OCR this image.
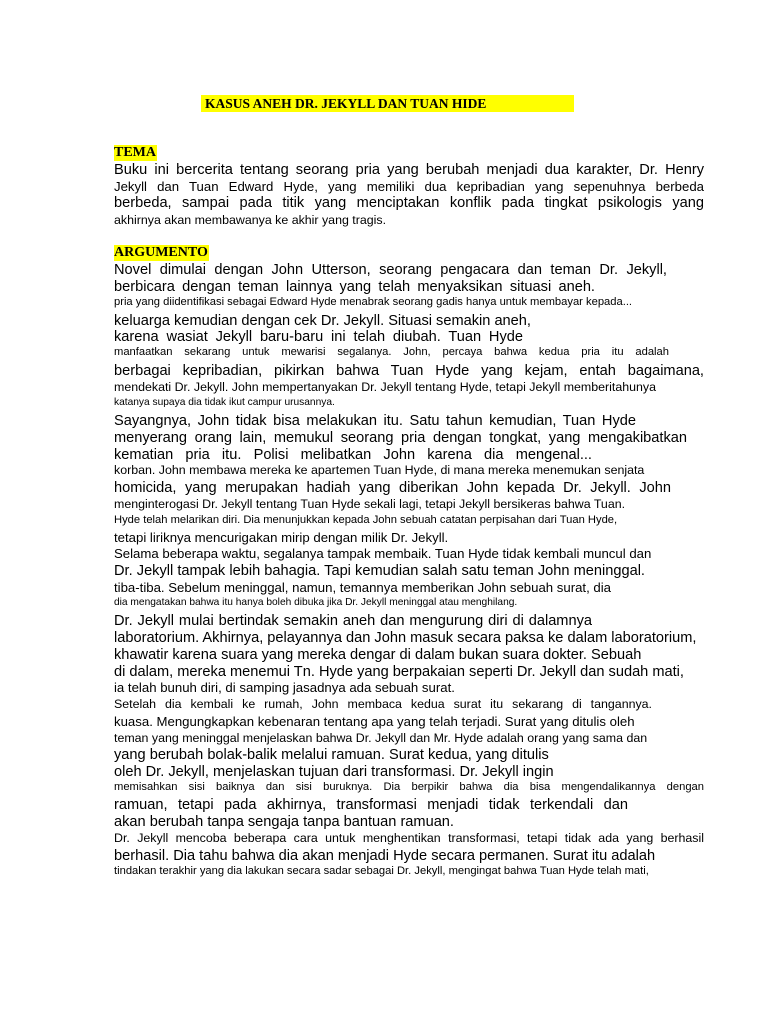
KASUS ANEH DR. JEKYLL DAN TUAN HIDE
TEMA
Buku ini bercerita tentang seorang pria yang berubah menjadi dua karakter, Dr. Henry
Jekyll dan Tuan Edward Hyde, yang memiliki dua kepribadian yang sepenuhnya berbeda
berbeda, sampai pada titik yang menciptakan konflik pada tingkat psikologis yang
akhirnya akan membawanya ke akhir yang tragis.
ARGUMENTO
Novel dimulai dengan John Utterson, seorang pengacara dan teman Dr. Jekyll,
berbicara dengan teman lainnya yang telah menyaksikan situasi aneh.
pria yang diidentifikasi sebagai Edward Hyde menabrak seorang gadis hanya untuk membayar kepada...
keluarga kemudian dengan cek Dr. Jekyll. Situasi semakin aneh,
karena wasiat Jekyll baru-baru ini telah diubah. Tuan Hyde
manfaatkan sekarang untuk mewarisi segalanya. John, percaya bahwa kedua pria itu adalah
berbagai kepribadian, pikirkan bahwa Tuan Hyde yang kejam, entah bagaimana,
mendekati Dr. Jekyll. John mempertanyakan Dr. Jekyll tentang Hyde, tetapi Jekyll memberitahunya
katanya supaya dia tidak ikut campur urusannya.
Sayangnya, John tidak bisa melakukan itu. Satu tahun kemudian, Tuan Hyde
menyerang orang lain, memukul seorang pria dengan tongkat, yang mengakibatkan
kematian pria itu. Polisi melibatkan John karena dia mengenal...
korban. John membawa mereka ke apartemen Tuan Hyde, di mana mereka menemukan senjata
homicida, yang merupakan hadiah yang diberikan John kepada Dr. Jekyll. John
menginterogasi Dr. Jekyll tentang Tuan Hyde sekali lagi, tetapi Jekyll bersikeras bahwa Tuan.
Hyde telah melarikan diri. Dia menunjukkan kepada John sebuah catatan perpisahan dari Tuan Hyde,
tetapi liriknya mencurigakan mirip dengan milik Dr. Jekyll.
Selama beberapa waktu, segalanya tampak membaik. Tuan Hyde tidak kembali muncul dan
Dr. Jekyll tampak lebih bahagia. Tapi kemudian salah satu teman John meninggal.
tiba-tiba. Sebelum meninggal, namun, temannya memberikan John sebuah surat, dia
dia mengatakan bahwa itu hanya boleh dibuka jika Dr. Jekyll meninggal atau menghilang.
Dr. Jekyll mulai bertindak semakin aneh dan mengurung diri di dalamnya
laboratorium. Akhirnya, pelayannya dan John masuk secara paksa ke dalam laboratorium,
khawatir karena suara yang mereka dengar di dalam bukan suara dokter. Sebuah
di dalam, mereka menemui Tn. Hyde yang berpakaian seperti Dr. Jekyll dan sudah mati,
ia telah bunuh diri, di samping jasadnya ada sebuah surat.
Setelah dia kembali ke rumah, John membaca kedua surat itu sekarang di tangannya.
kuasa. Mengungkapkan kebenaran tentang apa yang telah terjadi. Surat yang ditulis oleh
teman yang meninggal menjelaskan bahwa Dr. Jekyll dan Mr. Hyde adalah orang yang sama dan
yang berubah bolak-balik melalui ramuan. Surat kedua, yang ditulis
oleh Dr. Jekyll, menjelaskan tujuan dari transformasi. Dr. Jekyll ingin
memisahkan sisi baiknya dan sisi buruknya. Dia berpikir bahwa dia bisa mengendalikannya dengan
ramuan, tetapi pada akhirnya, transformasi menjadi tidak terkendali dan
akan berubah tanpa sengaja tanpa bantuan ramuan.
Dr. Jekyll mencoba beberapa cara untuk menghentikan transformasi, tetapi tidak ada yang berhasil
berhasil. Dia tahu bahwa dia akan menjadi Hyde secara permanen. Surat itu adalah
tindakan terakhir yang dia lakukan secara sadar sebagai Dr. Jekyll, mengingat bahwa Tuan Hyde telah mati,
